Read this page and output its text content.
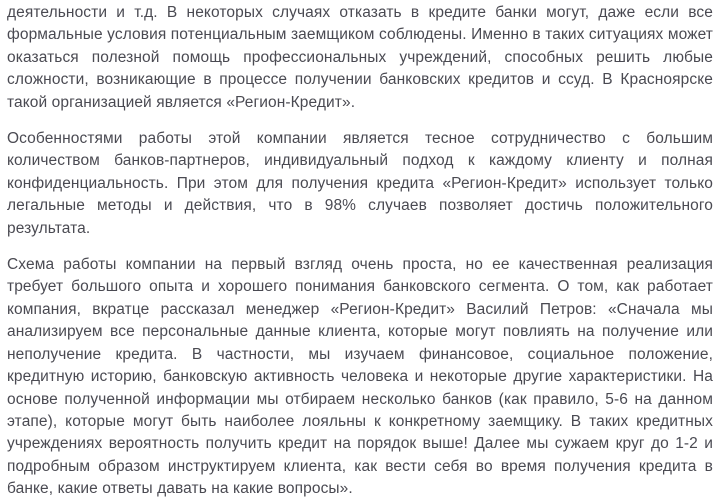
деятельности и т.д. В некоторых случаях отказать в кредите банки могут, даже если все формальные условия потенциальным заемщиком соблюдены. Именно в таких ситуациях может оказаться полезной помощь профессиональных учреждений, способных решить любые сложности, возникающие в процессе получении банковских кредитов и ссуд. В Красноярске такой организацией является «Регион-Кредит».

Особенностями работы этой компании является тесное сотрудничество с большим количеством банков-партнеров, индивидуальный подход к каждому клиенту и полная конфиденциальность. При этом для получения кредита «Регион-Кредит» использует только легальные методы и действия, что в 98% случаев позволяет достичь положительного результата.

Схема работы компании на первый взгляд очень проста, но ее качественная реализация требует большого опыта и хорошего понимания банковского сегмента. О том, как работает компания, вкратце рассказал менеджер «Регион-Кредит» Василий Петров: «Сначала мы анализируем все персональные данные клиента, которые могут повлиять на получение или неполучение кредита. В частности, мы изучаем финансовое, социальное положение, кредитную историю, банковскую активность человека и некоторые другие характеристики. На основе полученной информации мы отбираем несколько банков (как правило, 5-6 на данном этапе), которые могут быть наиболее лояльны к конкретному заемщику. В таких кредитных учреждениях вероятность получить кредит на порядок выше! Далее мы сужаем круг до 1-2 и подробным образом инструктируем клиента, как вести себя во время получения кредита в банке, какие ответы давать на какие вопросы».
